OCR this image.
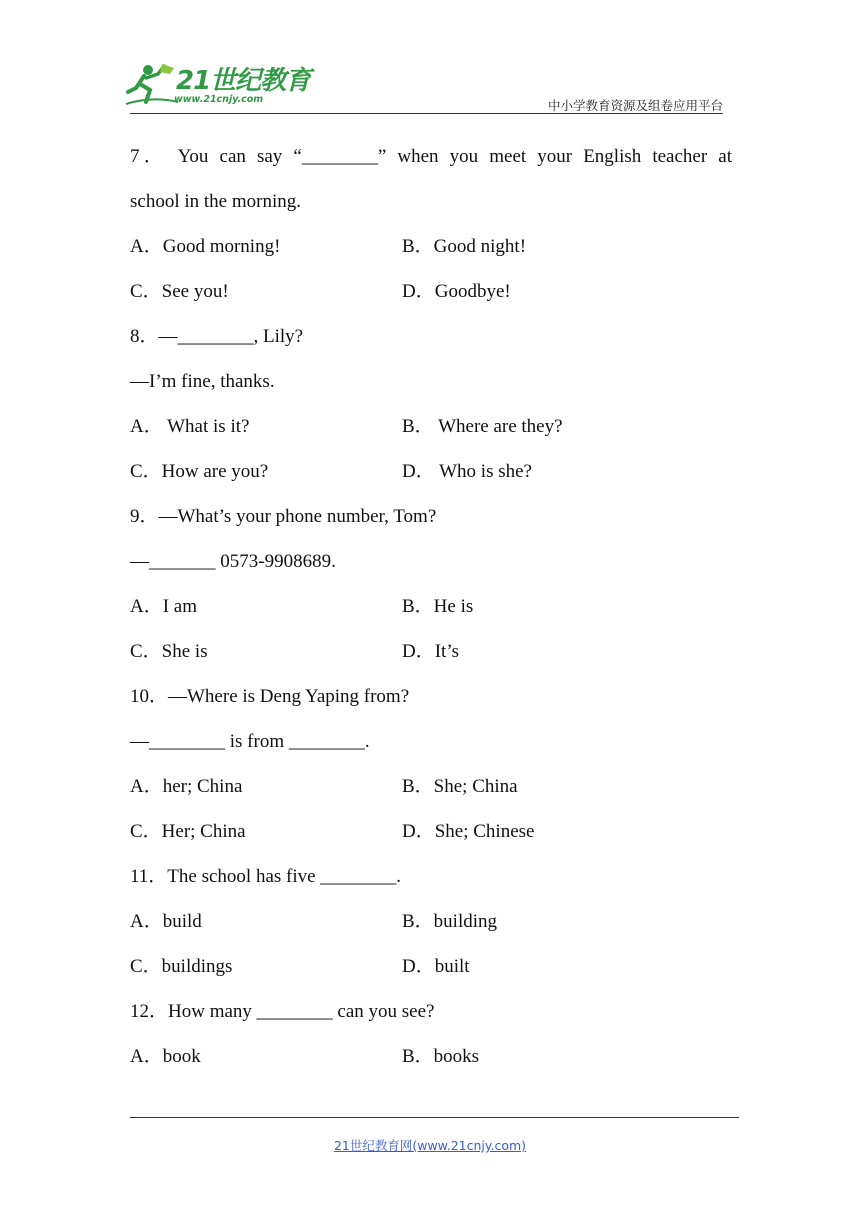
21世纪教育
www.21cnjy.com	中小学教育资源及组卷应用平台
7． You can say “________” when you meet your English teacher at
school in the morning.
A．Good morning!	B．Good night!
C．See you!	D．Goodbye!
8．—________, Lily?
—I’m fine, thanks.
A． What is it?	B． Where are they?
C．How are you?	D． Who is she?
9．—What’s your phone number, Tom?
—_______ 0573-9908689.
A．I am	B．He is
C．She is	D．It’s
10．—Where is Deng Yaping from?
—________ is from ________.
A．her; China	B．She; China
C．Her; China	D．She; Chinese
11．The school has five ________.
A．build	B．building
C．buildings	D．built
12．How many ________ can you see?
A．book	B．books
21世纪教育网(www.21cnjy.com)
